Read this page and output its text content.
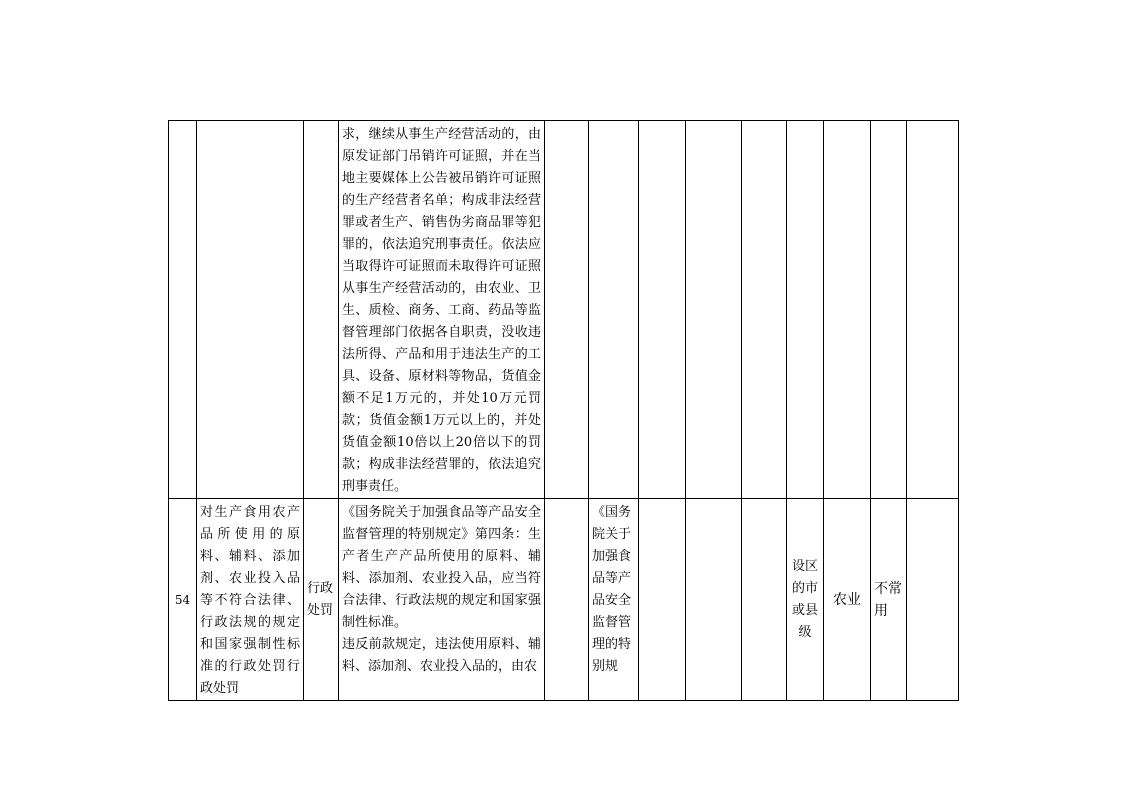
			求，继续从事生产经营活动的，由原发证部门吊销许可证照，并在当地主要媒体上公告被吊销许可证照的生产经营者名单；构成非法经营罪或者生产、销售伪劣商品罪等犯罪的，依法追究刑事责任。依法应当取得许可证照而未取得许可证照从事生产经营活动的，由农业、卫生、质检、商务、工商、药品等监督管理部门依据各自职责，没收违法所得、产品和用于违法生产的工具、设备、原材料等物品，货值金额不足1万元的，并处10万元罚款；货值金额1万元以上的，并处货值金额10倍以上20倍以下的罚款；构成非法经营罪的，依法追究刑事责任。									

54	对生产食用农产品所使用的原料、辅料、添加剂、农业投入品等不符合法律、行政法规的规定和国家强制性标准的行政处罚行政处罚	行政处罚	《国务院关于加强食品等产品安全监督管理的特别规定》第四条：生产者生产产品所使用的原料、辅料、添加剂、农业投入品，应当符合法律、行政法规的规定和国家强制性标准。
违反前款规定，违法使用原料、辅料、添加剂、农业投入品的，由农		《国务院关于加强食品等产品安全监督管理的特别规				设区的市或县级	农业	不常用	
